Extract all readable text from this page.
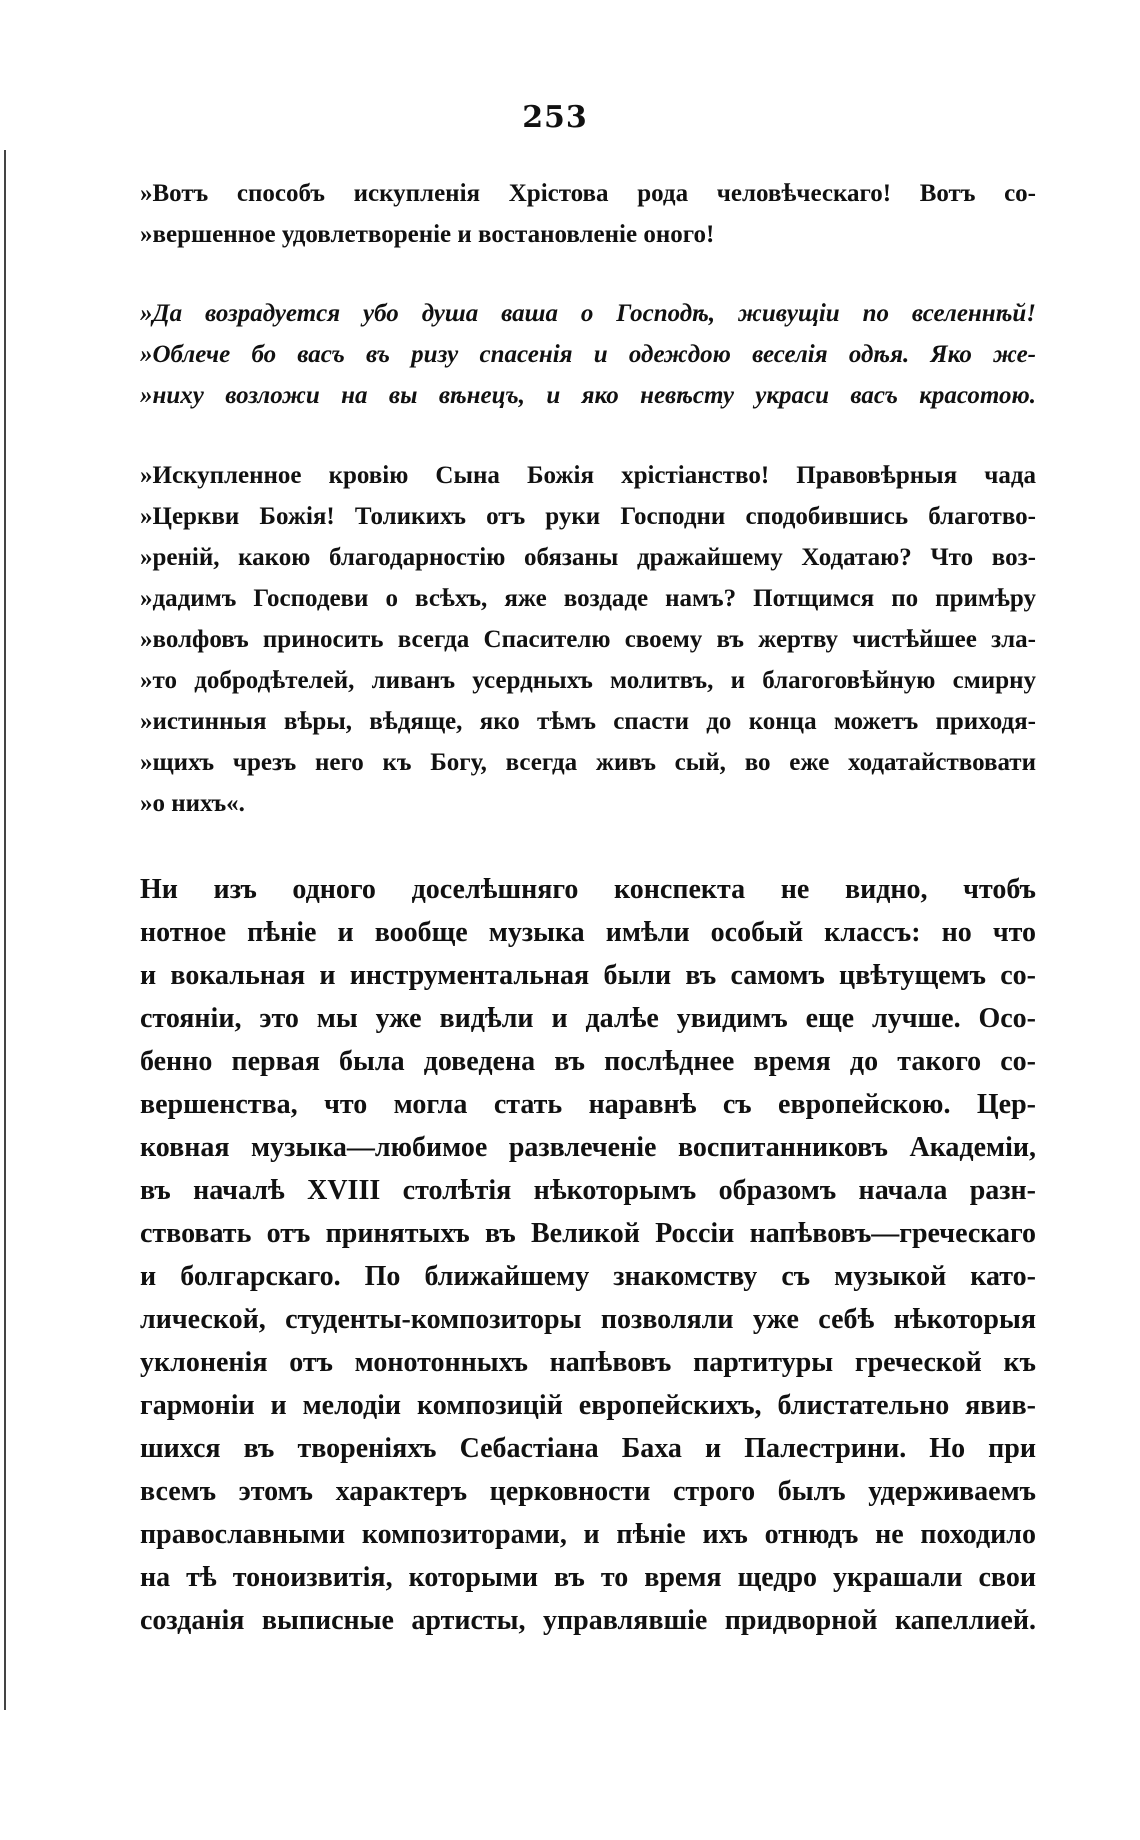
253
»Вотъ способъ искупленія Хрістова рода человѣческаго! Вотъ со-
»вершенное удовлетвореніе и востановленіе оного!
»Да возрадуется убо душа ваша о Господѣ, живущіи по вселеннѣй!
»Облече бо васъ въ ризу спасенія и одеждою веселія одѣя. Яко же-
»ниху возложи на вы вѣнецъ, и яко невѣсту украси васъ красотою.
»Искупленное кровію Сына Божія хрістіанство! Правовѣрныя чада
»Церкви Божія! Толикихъ отъ руки Господни сподобившись благотво-
»реній, какою благодарностію обязаны дражайшему Ходатаю? Что воз-
»дадимъ Господеви о всѣхъ, яже воздаде намъ? Потщимся по примѣру
»волфовъ приносить всегда Спасителю своему въ жертву чистѣйшее зла-
»то добродѣтелей, ливанъ усердныхъ молитвъ, и благоговѣйную смирну
»истинныя вѣры, вѣдяще, яко тѣмъ спасти до конца можетъ приходя-
»щихъ чрезъ него къ Богу, всегда живъ сый, во еже ходатайствовати
»о нихъ«.
Ни изъ одного доселѣшняго конспекта не видно, чтобъ
нотное пѣніе и вообще музыка имѣли особый классъ: но что
и вокальная и инструментальная были въ самомъ цвѣтущемъ со-
стояніи, это мы уже видѣли и далѣе увидимъ еще лучше. Осо-
бенно первая была доведена въ послѣднее время до такого со-
вершенства, что могла стать наравнѣ съ европейскою. Цер-
ковная музыка—любимое развлеченіе воспитанниковъ Академіи,
въ началѣ XVIII столѣтія нѣкоторымъ образомъ начала разн-
ствовать отъ принятыхъ въ Великой Россіи напѣвовъ—греческаго
и болгарскаго. По ближайшему знакомству съ музыкой като-
лической, студенты-композиторы позволяли уже себѣ нѣкоторыя
уклоненія отъ монотонныхъ напѣвовъ партитуры греческой къ
гармоніи и мелодіи композицій европейскихъ, блистательно явив-
шихся въ твореніяхъ Себастіана Баха и Палестрини. Но при
всемъ этомъ характеръ церковности строго былъ удерживаемъ
православными композиторами, и пѣніе ихъ отнюдъ не походило
на тѣ тоноизвитія, которыми въ то время щедро украшали свои
созданія выписные артисты, управлявшіе придворной капеллией.
